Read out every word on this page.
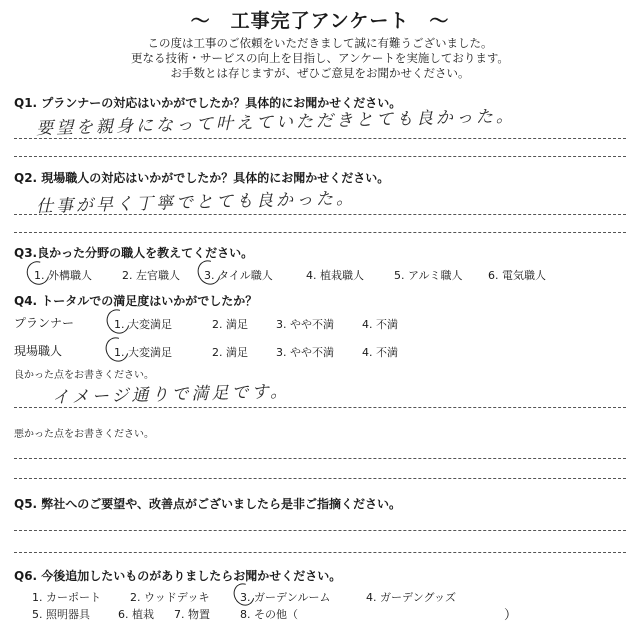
～　工事完了アンケート　～
この度は工事のご依頼をいただきまして誠に有難うございました。
更なる技術・サービスの向上を目指し、アンケートを実施しております。
お手数とは存じますが、ぜひご意見をお聞かせください。
Q1. プランナーの対応はいかがでしたか？具体的にお聞かせください。
要望を親身になって叶えていただきとても良かった。
Q2. 現場職人の対応はいかがでしたか？具体的にお聞かせください。
仕事が早く丁寧でとても良かった。
Q3.良かった分野の職人を教えてください。
1. 外構職人	2. 左官職人 3. タイル職人	4. 植栽職人	5. アルミ職人 6. 電気職人
Q4. トータルでの満足度はいかがでしたか？
プランナー	1. 大変満足	2. 満足	3. やや不満	4. 不満
現場職人	1. 大変満足	2. 満足	3. やや不満	4. 不満
良かった点をお書きください。
イメージ通りで満足です。
悪かった点をお書きください。
Q5. 弊社へのご要望や、改善点がございましたら是非ご指摘ください。
Q6. 今後追加したいものがありましたらお聞かせください。
1. カーポート	2. ウッドデッキ	3. ガーデンルーム	4. ガーデングッズ
5. 照明器具	6. 植栽 7. 物置	8. その他（	）
